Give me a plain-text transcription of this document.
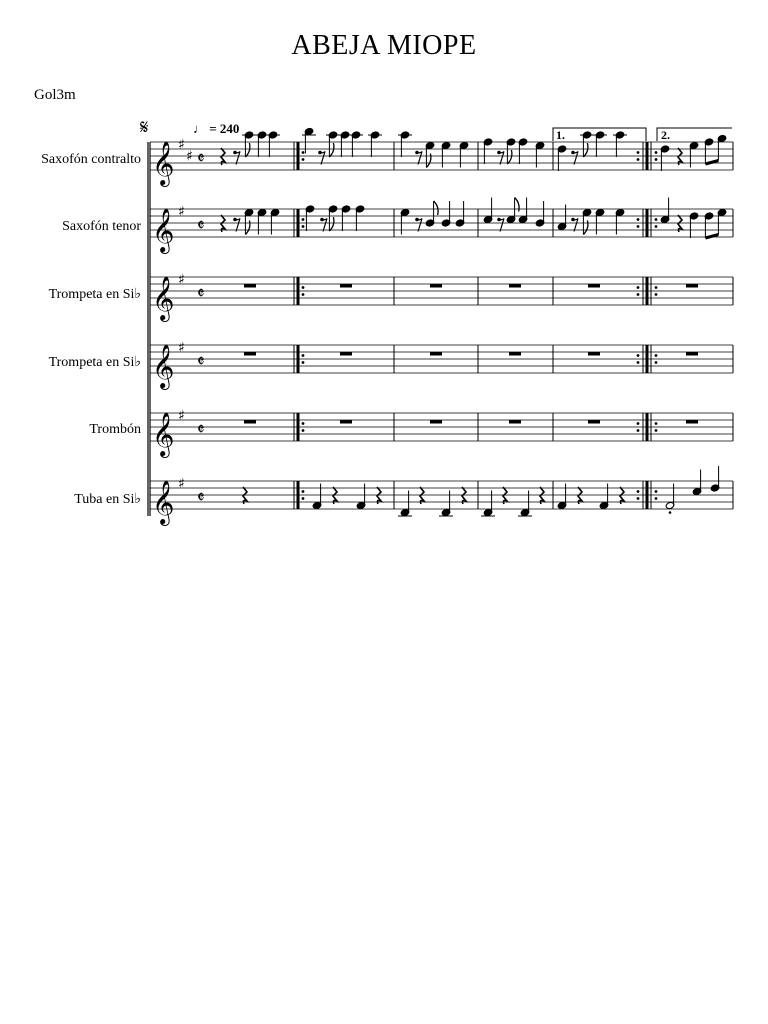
ABEJA MIOPE
Gol3m
Saxofón contralto
Saxofón tenor
Trompeta en Si♭
Trompeta en Si♭
Trombón
Tuba en Si♭
𝄋	♩ = 240	1.	2.
𝄞 ♯
♯ 𝄵
𝄞 ♯
𝄵
𝄞 ♯
𝄵
𝄞 ♯
𝄵
𝄞 ♯
𝄵
𝄞 ♯
𝄵
